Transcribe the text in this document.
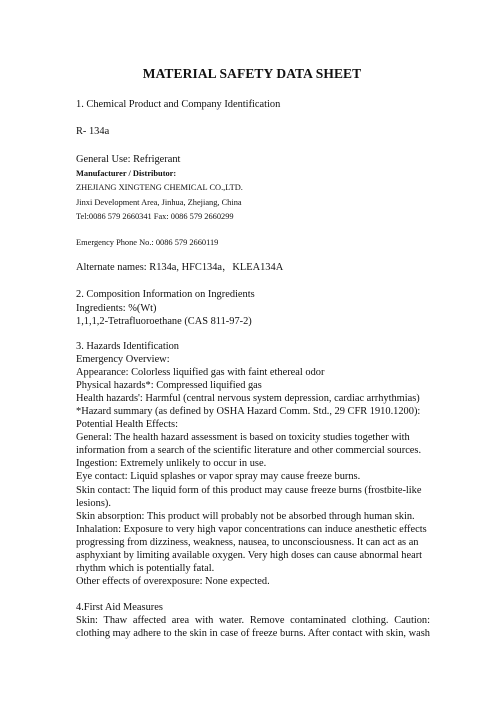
MATERIAL SAFETY DATA SHEET
1. Chemical Product and Company Identification
R- 134a
General Use: Refrigerant
Manufacturer / Distributor:
ZHEJIANG XINGTENG CHEMICAL CO.,LTD.
Jinxi Development Area, Jinhua, Zhejiang, China
Tel:0086 579 2660341 Fax: 0086 579 2660299
Emergency Phone No.: 0086 579 2660119
Alternate names: R134a, HFC134a，KLEA134A
2. Composition Information on Ingredients
Ingredients: %(Wt)
1,1,1,2-Tetrafluoroethane (CAS 811-97-2)
3. Hazards Identification
Emergency Overview:
Appearance: Colorless liquified gas with faint ethereal odor
Physical hazards*: Compressed liquified gas
Health hazards': Harmful (central nervous system depression, cardiac arrhythmias)
*Hazard summary (as defined by OSHA Hazard Comm. Std., 29 CFR 1910.1200):
Potential Health Effects:
General: The health hazard assessment is based on toxicity studies together with
information from a search of the scientific literature and other commercial sources.
Ingestion: Extremely unlikely to occur in use.
Eye contact: Liquid splashes or vapor spray may cause freeze burns.
Skin contact: The liquid form of this product may cause freeze burns (frostbite-like
lesions).
Skin absorption: This product will probably not be absorbed through human skin.
Inhalation: Exposure to very high vapor concentrations can induce anesthetic effects
progressing from dizziness, weakness, nausea, to unconsciousness. It can act as an
asphyxiant by limiting available oxygen. Very high doses can cause abnormal heart
rhythm which is potentially fatal.
Other effects of overexposure: None expected.
4.First Aid Measures
Skin: Thaw affected area with water. Remove contaminated clothing. Caution:
clothing may adhere to the skin in case of freeze burns. After contact with skin, wash
